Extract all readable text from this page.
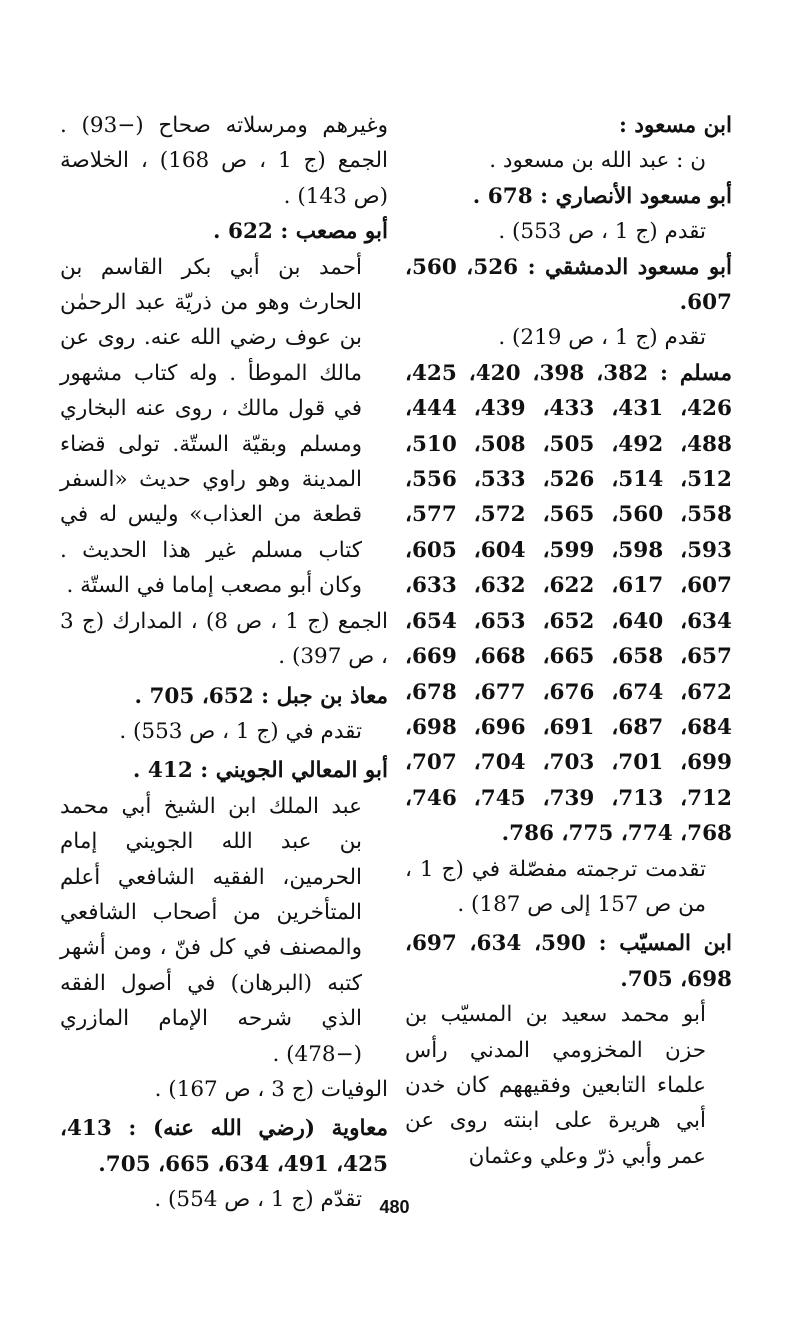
ابن مسعود :

ن : عبد الله بن مسعود .

أبو مسعود الأنصاري : 678 .

تقدم (ج 1 ، ص 553) .

أبو مسعود الدمشقي : 526، 560، 607.

تقدم (ج 1 ، ص 219) .

مسلم : 382، 398، 420، 425، 426، 431، 433، 439، 444، 488، 492، 505، 508، 510، 512، 514، 526، 533، 556، 558، 560، 565، 572، 577، 593، 598، 599، 604، 605، 607، 617، 622، 632، 633، 634، 640، 652، 653، 654، 657، 658، 665، 668، 669، 672، 674، 676، 677، 678، 684، 687، 691، 696، 698، 699، 701، 703، 704، 707، 712، 713، 739، 745، 746، 768، 774، 775، 786.

تقدمت ترجمته مفصّلة في (ج 1 ، من ص 157 إلى ص 187) .

ابن المسيّب : 590، 634، 697، 698، 705.

أبو محمد سعيد بن المسيّب بن حزن المخزومي المدني رأس علماء التابعين وفقيههم كان خدن أبي هريرة على ابنته روى عن عمر وأبي ذرّ وعلي وعثمان

وغيرهم ومرسلاته صحاح (−93) . الجمع (ج 1 ، ص 168) ، الخلاصة (ص 143) .

أبو مصعب : 622 .

أحمد بن أبي بكر القاسم بن الحارث وهو من ذريّة عبد الرحمٰن بن عوف رضي الله عنه. روى عن مالك الموطأ . وله كتاب مشهور في قول مالك ، روى عنه البخاري ومسلم وبقيّة الستّة. تولى قضاء المدينة وهو راوي حديث «السفر قطعة من العذاب» وليس له في كتاب مسلم غير هذا الحديث . وكان أبو مصعب إماما في الستّة .

الجمع (ج 1 ، ص 8) ، المدارك (ج 3 ، ص 397) .

معاذ بن جبل : 652، 705 .

تقدم في (ج 1 ، ص 553) .

أبو المعالي الجويني : 412 .

عبد الملك ابن الشيخ أبي محمد بن عبد الله الجويني إمام الحرمين، الفقيه الشافعي أعلم المتأخرين من أصحاب الشافعي والمصنف في كل فنّ ، ومن أشهر كتبه (البرهان) في أصول الفقه الذي شرحه الإمام المازري (−478) .

الوفيات (ج 3 ، ص 167) .

معاوية (رضي الله عنه) : 413، 425، 491، 634، 665، 705.

تقدّم (ج 1 ، ص 554) . 480
